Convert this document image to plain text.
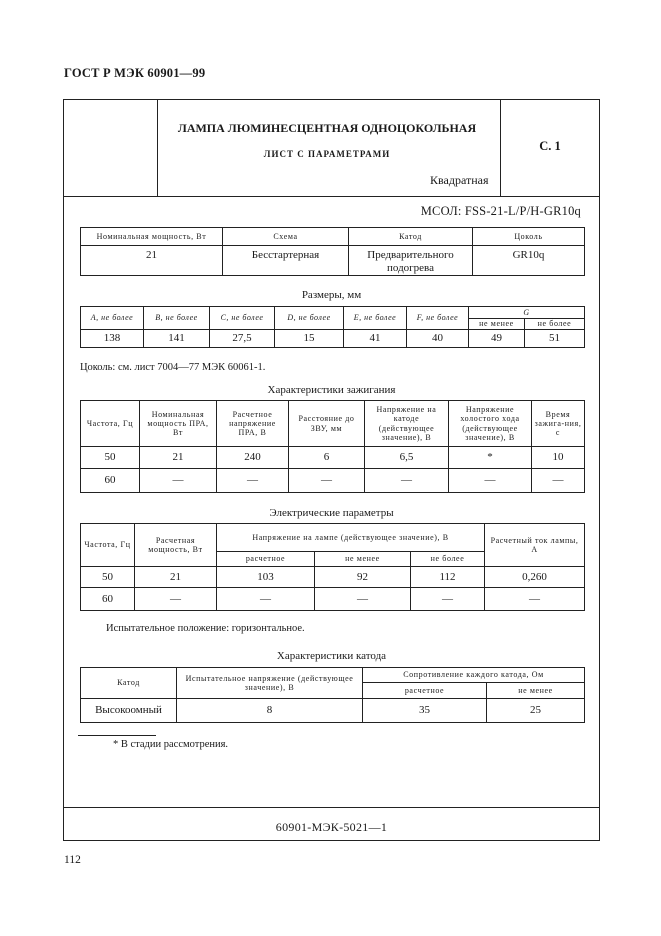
ГОСТ Р МЭК 60901—99
ЛАМПА ЛЮМИНЕСЦЕНТНАЯ ОДНОЦОКОЛЬНАЯ
ЛИСТ С ПАРАМЕТРАМИ
Квадратная
С. 1
МСОЛ: FSS-21-L/P/H-GR10q
Номинальная мощность, Вт	Схема	Катод	Цоколь
21	Бесстартерная	Предварительного подогрева	GR10q
Размеры, мм
A, не более	B, не более	C, не более	D, не более	E, не более	F, не более	G	
						не менее	не более
138	141	27,5	15	41	40	49	51
Цоколь: см. лист 7004—77 МЭК 60061-1.
Характеристики зажигания
Частота, Гц	Номинальная мощность ПРА, Вт	Расчетное напряжение ПРА, В	Расстояние до ЗВУ, мм	Напряжение на катоде (действующее значение), В	Напряжение холостого хода (действующее значение), В	Время зажига-ния, с
50	21	240	6	6,5	*	10
60	—	—	—	—	—	—
Электрические параметры
Частота, Гц	Расчетная мощность, Вт	Напряжение на лампе (действующее значение), В			Расчетный ток лампы, А
		расчетное	не менее	не более	
50	21	103	92	112	0,260
60	—	—	—	—	—
Испытательное положение: горизонтальное.
Характеристики катода
Катод	Испытательное напряжение (действующее значение), В	Сопротивление каждого катода, Ом	
		расчетное	не менее
Высокоомный	8	35	25
* В стадии рассмотрения.
60901-МЭК-5021—1
112
